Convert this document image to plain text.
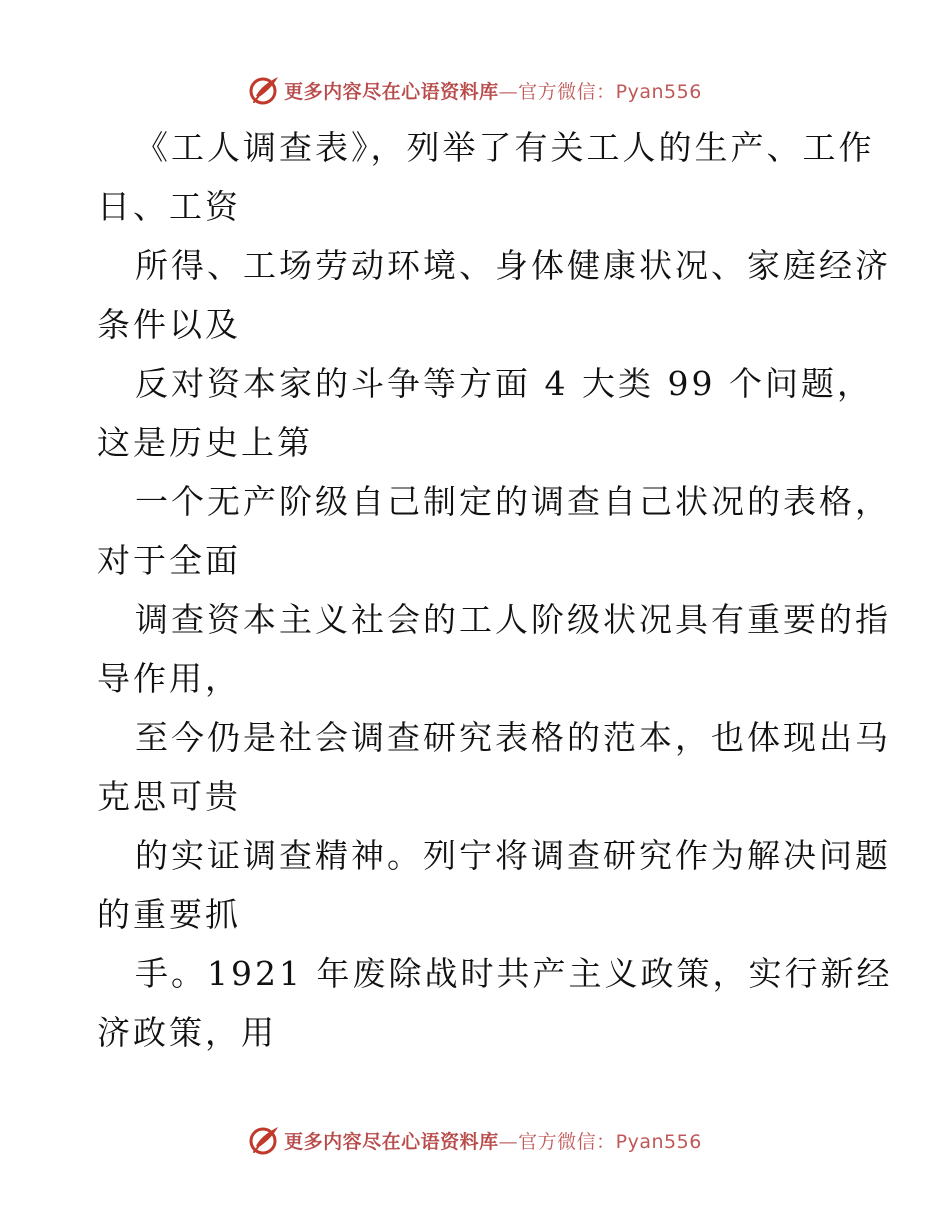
更多内容尽在心语资料库—官方微信：Pyan556
《工人调查表》，列举了有关工人的生产、工作
日、工资
所得、工场劳动环境、身体健康状况、家庭经济
条件以及
反对资本家的斗争等方面 4 大类 99 个问题，
这是历史上第
一个无产阶级自己制定的调查自己状况的表格，
对于全面
调查资本主义社会的工人阶级状况具有重要的指
导作用，
至今仍是社会调查研究表格的范本，也体现出马
克思可贵
的实证调查精神。列宁将调查研究作为解决问题
的重要抓
手。1921 年废除战时共产主义政策，实行新经
济政策，用
更多内容尽在心语资料库—官方微信：Pyan556
